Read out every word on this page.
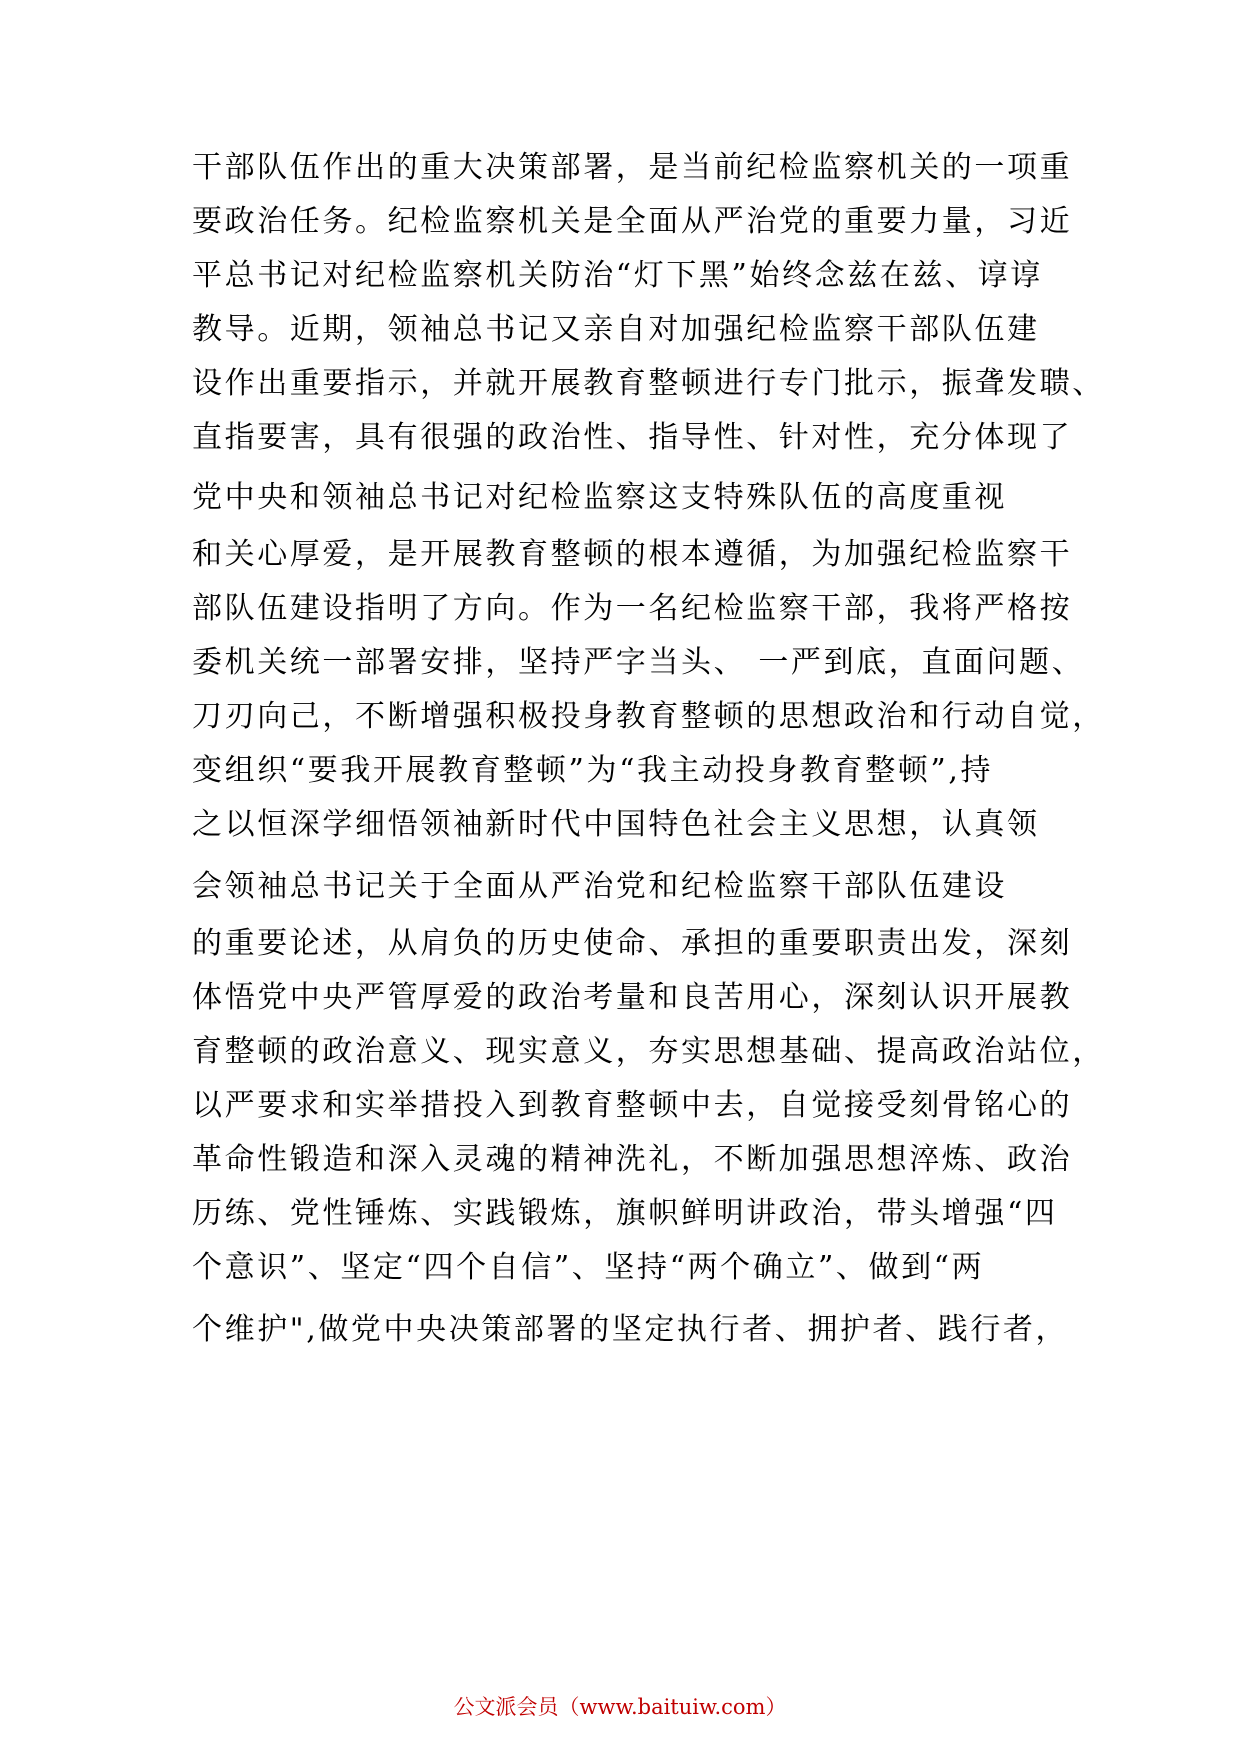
干部队伍作出的重大决策部署，是当前纪检监察机关的一项重
要政治任务。纪检监察机关是全面从严治党的重要力量，习近
平总书记对纪检监察机关防治“灯下黑”始终念兹在兹、谆谆
教导。近期，领袖总书记又亲自对加强纪检监察干部队伍建
设作出重要指示，并就开展教育整顿进行专门批示，振聋发聩、
直指要害，具有很强的政治性、指导性、针对性，充分体现了
党中央和领袖总书记对纪检监察这支特殊队伍的高度重视
和关心厚爱，是开展教育整顿的根本遵循，为加强纪检监察干
部队伍建设指明了方向。作为一名纪检监察干部，我将严格按
委机关统一部署安排，坚持严字当头、 一严到底，直面问题、
刀刃向己，不断增强积极投身教育整顿的思想政治和行动自觉，
变组织“要我开展教育整顿”为“我主动投身教育整顿”,持
之以恒深学细悟领袖新时代中国特色社会主义思想，认真领
会领袖总书记关于全面从严治党和纪检监察干部队伍建设
的重要论述，从肩负的历史使命、承担的重要职责出发，深刻
体悟党中央严管厚爱的政治考量和良苦用心，深刻认识开展教
育整顿的政治意义、现实意义，夯实思想基础、提高政治站位，
以严要求和实举措投入到教育整顿中去，自觉接受刻骨铭心的
革命性锻造和深入灵魂的精神洗礼，不断加强思想淬炼、政治
历练、党性锤炼、实践锻炼，旗帜鲜明讲政治，带头增强“四
个意识”、坚定“四个自信”、坚持“两个确立”、做到“两
个维护",做党中央决策部署的坚定执行者、拥护者、践行者，
公文派会员（www.baituiw.com）
